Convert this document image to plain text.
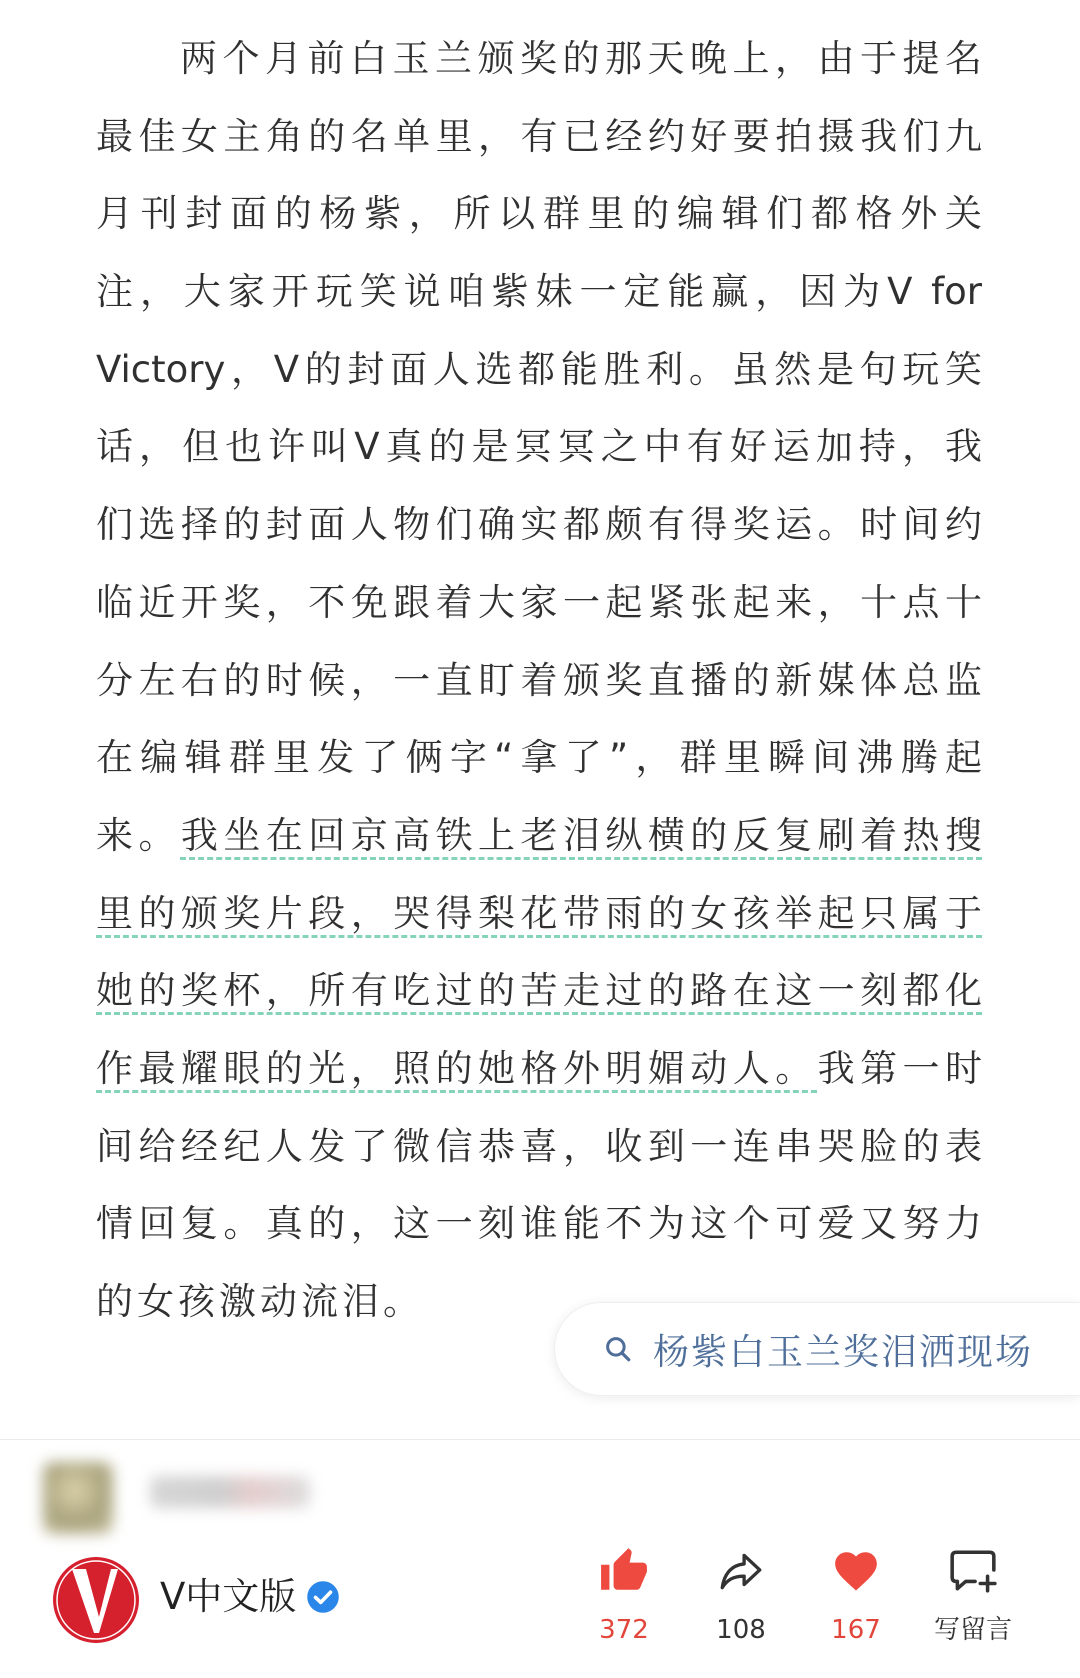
两个月前白玉兰颁奖的那天晚上，由于提名
最佳女主角的名单里，有已经约好要拍摄我们九
月刊封面的杨紫，所以群里的编辑们都格外关
注，大家开玩笑说咱紫妹一定能赢，因为V for
Victory，V的封面人选都能胜利。虽然是句玩笑
话，但也许叫V真的是冥冥之中有好运加持，我
们选择的封面人物们确实都颇有得奖运。时间约
临近开奖，不免跟着大家一起紧张起来，十点十
分左右的时候，一直盯着颁奖直播的新媒体总监
在编辑群里发了俩字“拿了”，群里瞬间沸腾起
来。我坐在回京高铁上老泪纵横的反复刷着热搜
里的颁奖片段，哭得梨花带雨的女孩举起只属于
她的奖杯，所有吃过的苦走过的路在这一刻都化
作最耀眼的光，照的她格外明媚动人。我第一时
间给经纪人发了微信恭喜，收到一连串哭脸的表
情回复。真的，这一刻谁能不为这个可爱又努力
的女孩激动流泪。
杨紫白玉兰奖泪洒现场
V中文版
372	108	167	写留言
